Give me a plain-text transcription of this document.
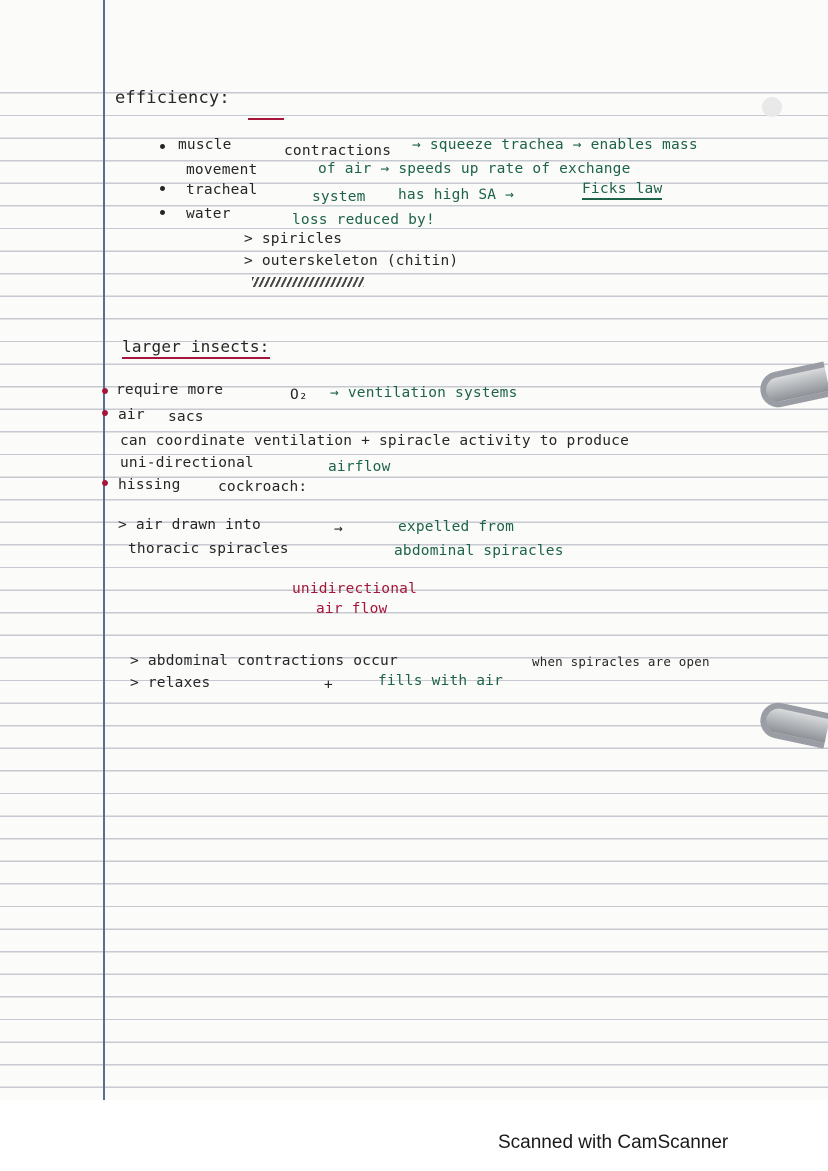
efficiency:
muscle	contractions → squeeze trachea → enables mass
movement	of air → speeds up rate of exchange
tracheal	system has high SA →	Ficks law
water	loss reduced by!
> spiricles
> outerskeleton (chitin)
larger insects:
require more	O₂ → ventilation systems
air sacs
can coordinate ventilation + spiracle activity to produce
uni-directional	airflow
hissing	cockroach:
> air drawn into	→	expelled from
thoracic spiracles	abdominal spiracles
unidirectional
air flow
> abdominal contractions occur	when spiracles are open
> relaxes	+	fills with air
Scanned with CamScanner
